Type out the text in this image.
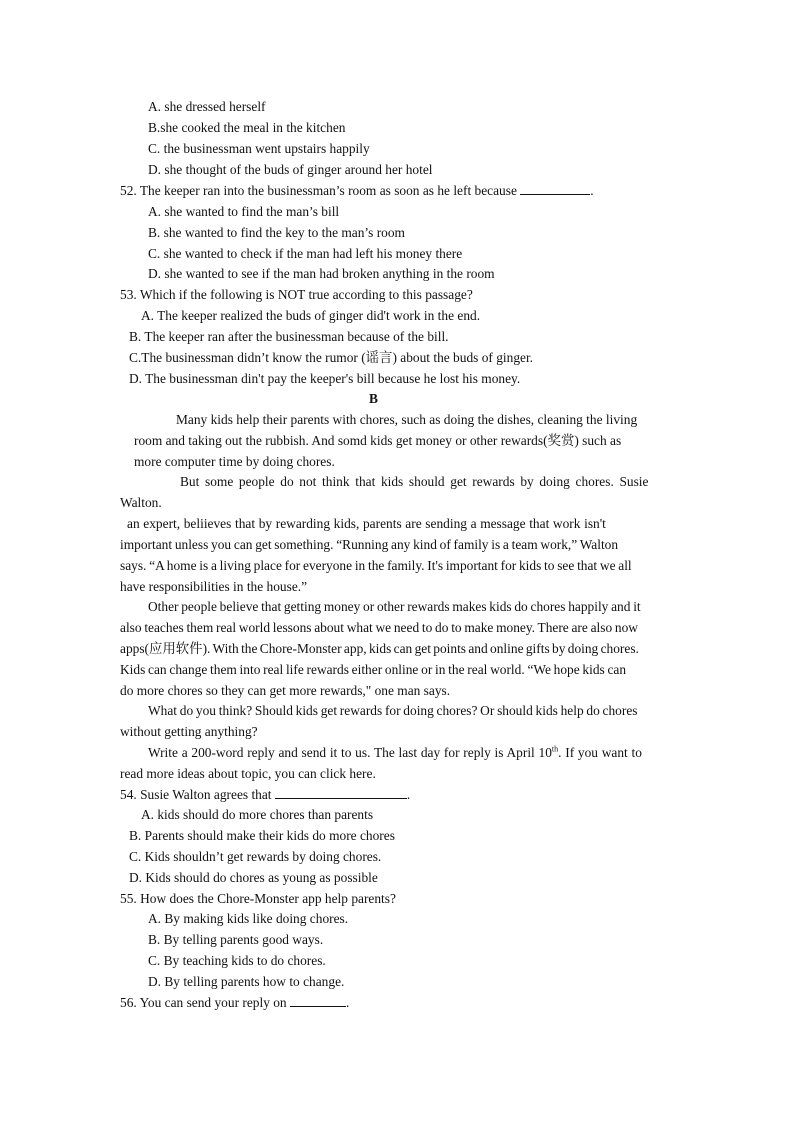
A. she dressed herself
B.she cooked the meal in the kitchen
C. the businessman went upstairs happily
D. she thought of the buds of ginger around her hotel
52. The keeper ran into the businessman’s room as soon as he left because	.
A. she wanted to find the man’s bill
B. she wanted to find the key to the man’s room
C. she wanted to check if the man had left his money there
D. she wanted to see if the man had broken anything in the room
53. Which if the following is NOT true according to this passage?
A. The keeper realized the buds of ginger did't work in the end.
B. The keeper ran after the businessman because of the bill.
C.The businessman didn’t know the rumor (谣言) about the buds of ginger.
D. The businessman din't pay the keeper's bill because he lost his money.
B
Many kids help their parents with chores, such as doing the dishes, cleaning the living
room and taking out the rubbish. And somd kids get money or other rewards(奖赏) such as
more computer time by doing chores.
But some people do not think that kids should get rewards by doing chores. Susie
Walton.
an expert, beliieves that by rewarding kids, parents are sending a message that work isn't
important unless you can get something. “Running any kind of family is a team work,” Walton
says. “A home is a living place for everyone in the family. It's important for kids to see that we all
have responsibilities in the house.”
Other people believe that getting money or other rewards makes kids do chores happily and it
also teaches them real world lessons about what we need to do to make money. There are also now
apps(应用软件). With the Chore-Monster app, kids can get points and online gifts by doing chores.
Kids can change them into real life rewards either online or in the real world. “We hope kids can
do more chores so they can get more rewards," one man says.
What do you think? Should kids get rewards for doing chores? Or should kids help do chores
without getting anything?
Write a 200-word reply and send it to us. The last day for reply is April 10th. If you want to
read more ideas about topic, you can click here.
54. Susie Walton agrees that	.
A. kids should do more chores than parents
B. Parents should make their kids do more chores
C. Kids shouldn’t get rewards by doing chores.
D. Kids should do chores as young as possible
55. How does the Chore-Monster app help parents?
A. By making kids like doing chores.
B. By telling parents good ways.
C. By teaching kids to do chores.
D. By telling parents how to change.
56. You can send your reply on	.
